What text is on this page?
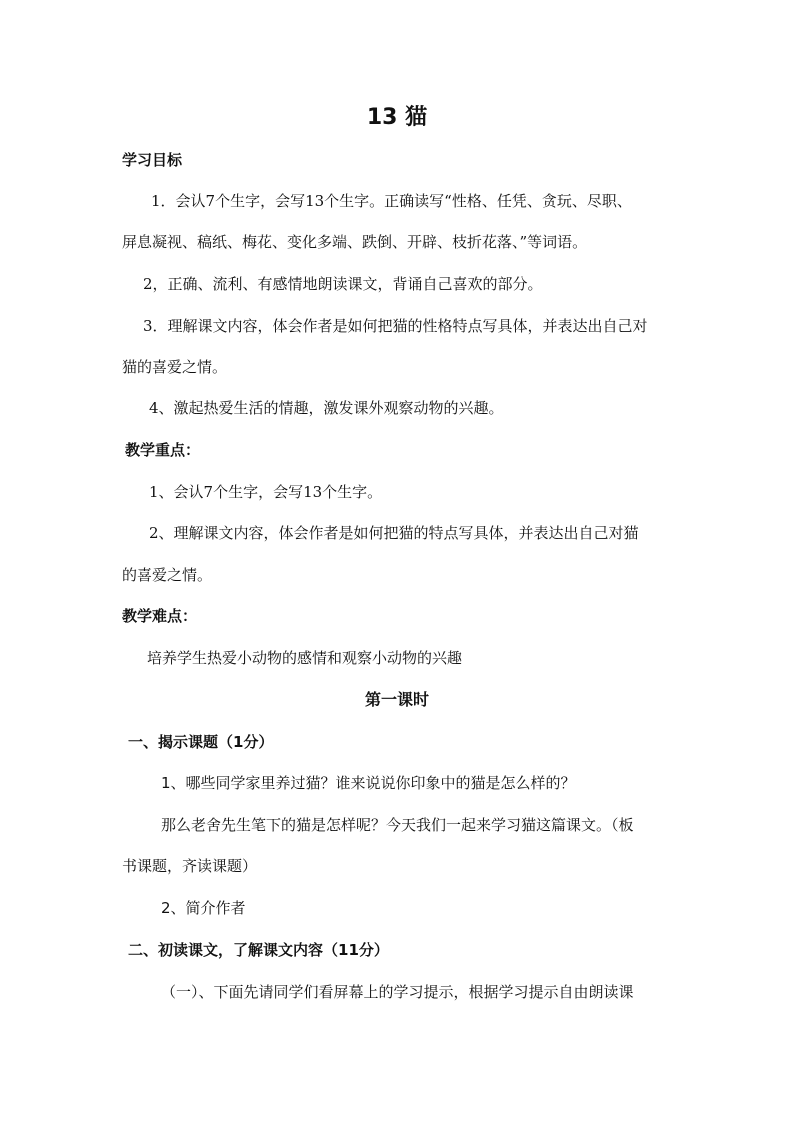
13 猫
学习目标
1．会认7个生字，会写13个生字。正确读写“性格、任凭、贪玩、尽职、
屏息凝视、稿纸、梅花、变化多端、跌倒、开辟、枝折花落、”等词语。
2，正确、流利、有感情地朗读课文，背诵自己喜欢的部分。
3．理解课文内容，体会作者是如何把猫的性格特点写具体，并表达出自己对
猫的喜爱之情。
4、激起热爱生活的情趣，激发课外观察动物的兴趣。
教学重点：
1、会认7个生字，会写13个生字。
2、理解课文内容，体会作者是如何把猫的特点写具体，并表达出自己对猫
的喜爱之情。
教学难点：
培养学生热爱小动物的感情和观察小动物的兴趣
第一课时
一、揭示课题（1分）
1、哪些同学家里养过猫？谁来说说你印象中的猫是怎么样的？
那么老舍先生笔下的猫是怎样呢？今天我们一起来学习猫这篇课文。（板
书课题，齐读课题）
2、简介作者
二、初读课文，了解课文内容（11分）
（一）、下面先请同学们看屏幕上的学习提示，根据学习提示自由朗读课
